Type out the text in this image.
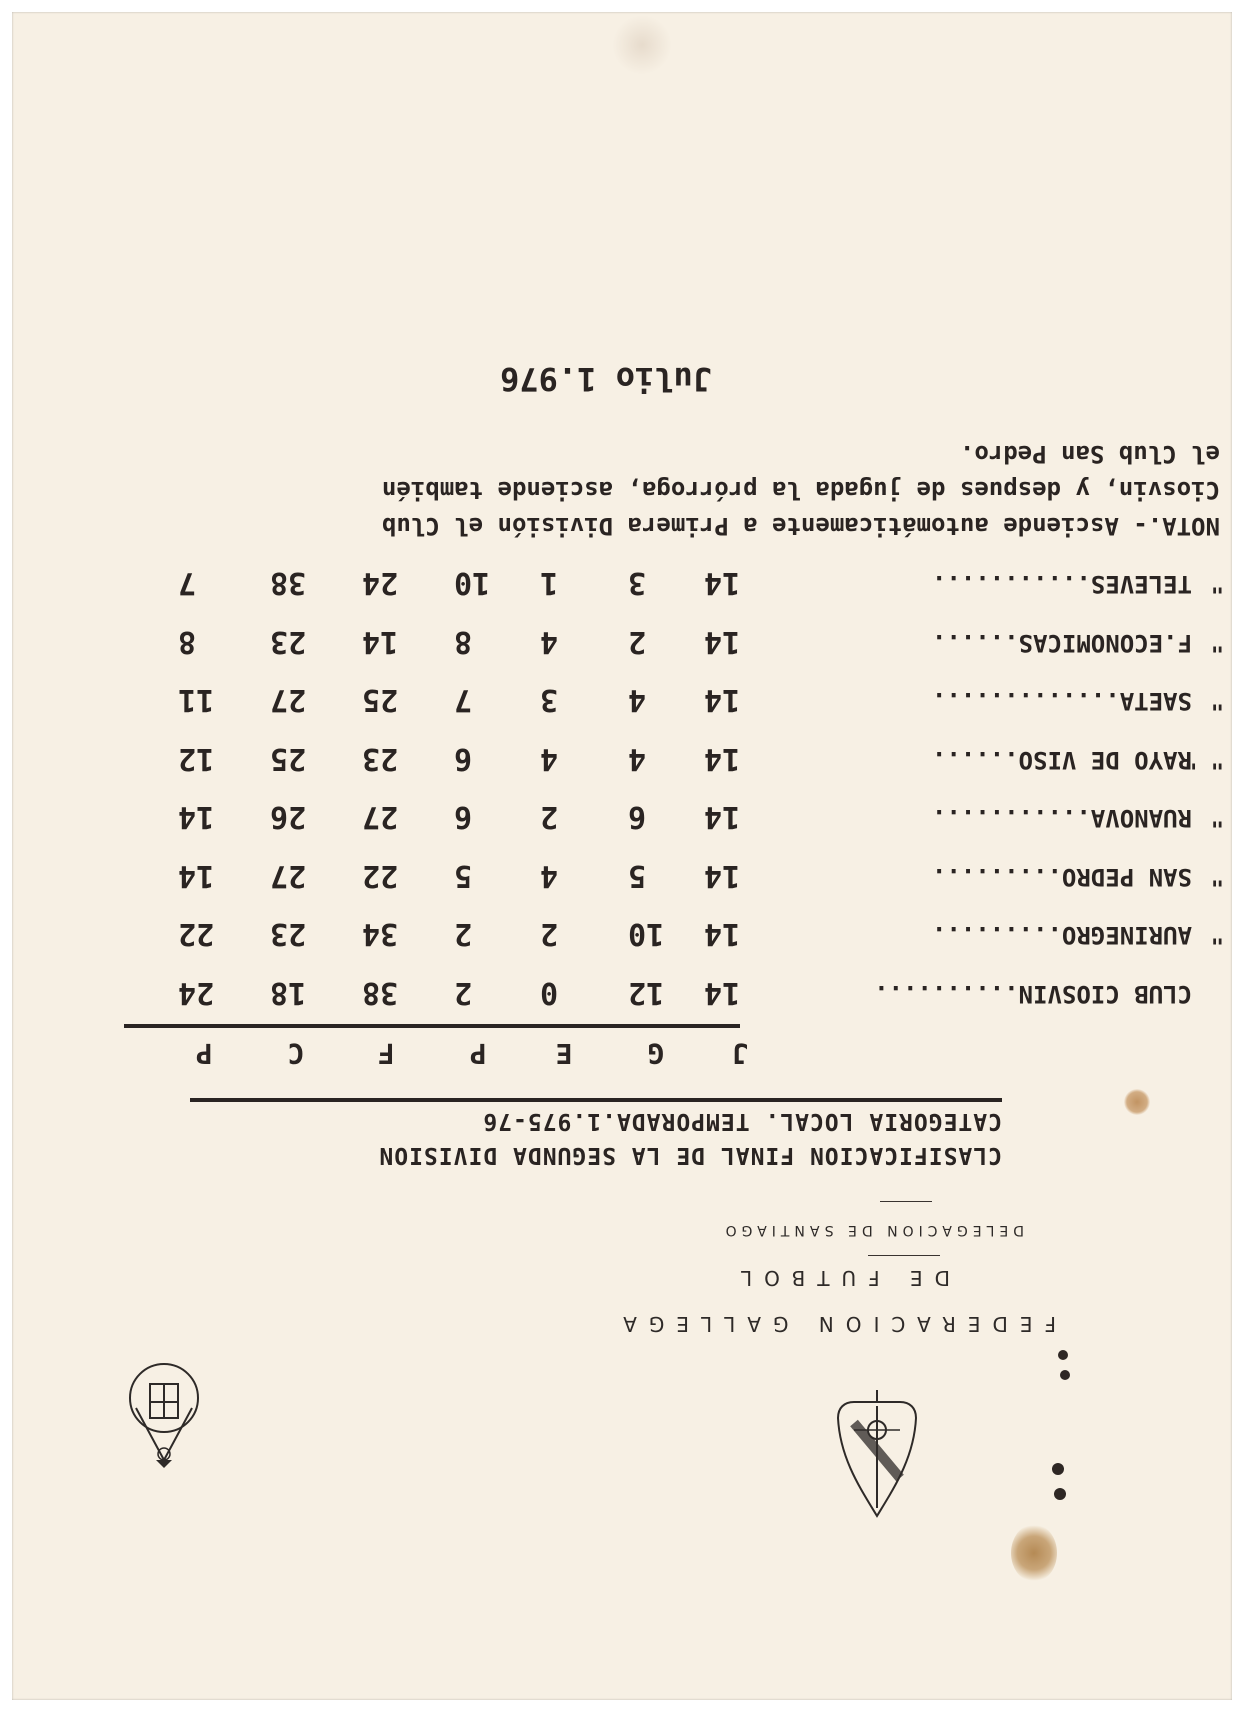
FEDERACION GALLEGA
DE FUTBOL
DELEGACION DE SANTIAGO
CLASIFICACION FINAL DE LA SEGUNDA DIVISION
CATEGORIA LOCAL. TEMPORADA.1.975-76
J
G
E
P
F
C
P
CLUB CIOSVIN..........
14
12
0
2
38
18
24
"
AURINEGRO.........
14
10
2
2
34
23
22
"
SAN PEDRO.........
14
5
4
5
22
27
14
"
RUANOVA...........
14
6
2
6
27
26
14
" "
RAYO DE VISO......
14
4
4
6
23
25
12
"
SAETA.............
14
4
3
7
25
27
11
"
F.ECONOMICAS......
14
2
4
8
14
23
8
"
TELEVES...........
14
3
1
10
24
38
7
NOTA.- Asciende automáticamente a Primera División el Club
Ciosvin, y despues de jugada la prórroga, asciende también
el Club San Pedro.
Julio 1.976
